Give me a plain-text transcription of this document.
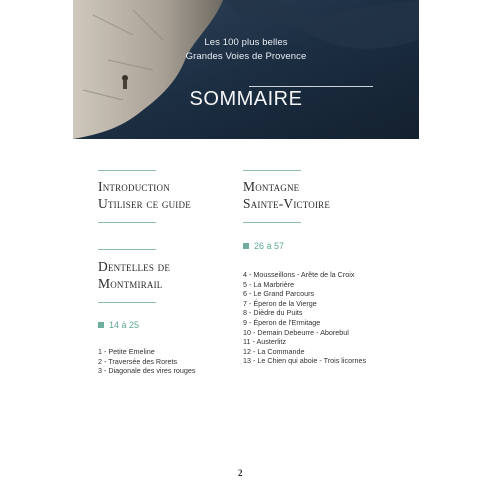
Les 100 plus belles
Grandes Voies de Provence
SOMMAIRE
Introduction
Utiliser ce guide
Dentelles de
Montmirail
14 à 25
1 - Petite Emeline
2 - Traversée des Rorets
3 - Diagonale des vires rouges
Montagne
Sainte-Victoire
26 à 57
4 - Mousseillons - Arête de la Croix
5 - La Marbrière
6 - Le Grand Parcours
7 - Éperon de la Vierge
8 - Dièdre du Puits
9 - Éperon de l'Ermitage
10 - Demain Debeurre - Aborebul
11 - Austerlitz
12 - La Commande
13 - Le Chien qui aboie - Trois licornes
2
